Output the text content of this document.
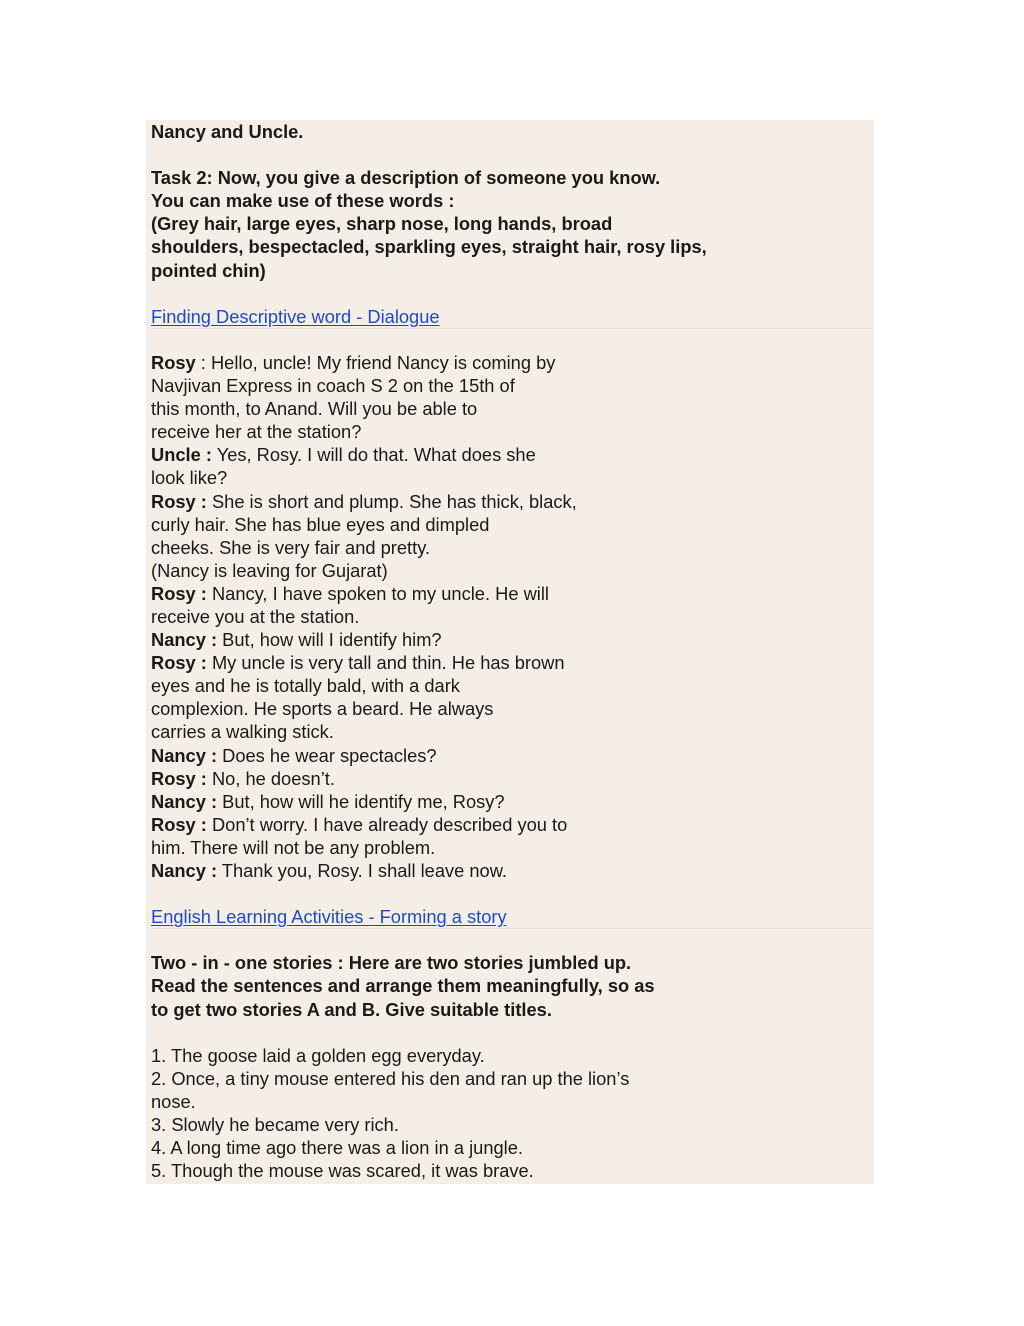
Nancy and Uncle.
Task 2: Now, you give a description of someone you know.
You can make use of these words :
(Grey hair, large eyes, sharp nose, long hands, broad
shoulders, bespectacled, sparkling eyes, straight hair, rosy lips,
pointed chin)
Finding Descriptive word - Dialogue
Rosy : Hello, uncle! My friend Nancy is coming by
Navjivan Express in coach S 2 on the 15th of
this month, to Anand. Will you be able to
receive her at the station?
Uncle : Yes, Rosy. I will do that. What does she
look like?
Rosy : She is short and plump. She has thick, black,
curly hair. She has blue eyes and dimpled
cheeks. She is very fair and pretty.
(Nancy is leaving for Gujarat)
Rosy : Nancy, I have spoken to my uncle. He will
receive you at the station.
Nancy : But, how will I identify him?
Rosy : My uncle is very tall and thin. He has brown
eyes and he is totally bald, with a dark
complexion. He sports a beard. He always
carries a walking stick.
Nancy : Does he wear spectacles?
Rosy : No, he doesn’t.
Nancy : But, how will he identify me, Rosy?
Rosy : Don’t worry. I have already described you to
him. There will not be any problem.
Nancy : Thank you, Rosy. I shall leave now.
English Learning Activities - Forming a story
Two - in - one stories : Here are two stories jumbled up.
Read the sentences and arrange them meaningfully, so as
to get two stories A and B. Give suitable titles.
1. The goose laid a golden egg everyday.
2. Once, a tiny mouse entered his den and ran up the lion’s
nose.
3. Slowly he became very rich.
4. A long time ago there was a lion in a jungle.
5. Though the mouse was scared, it was brave.
